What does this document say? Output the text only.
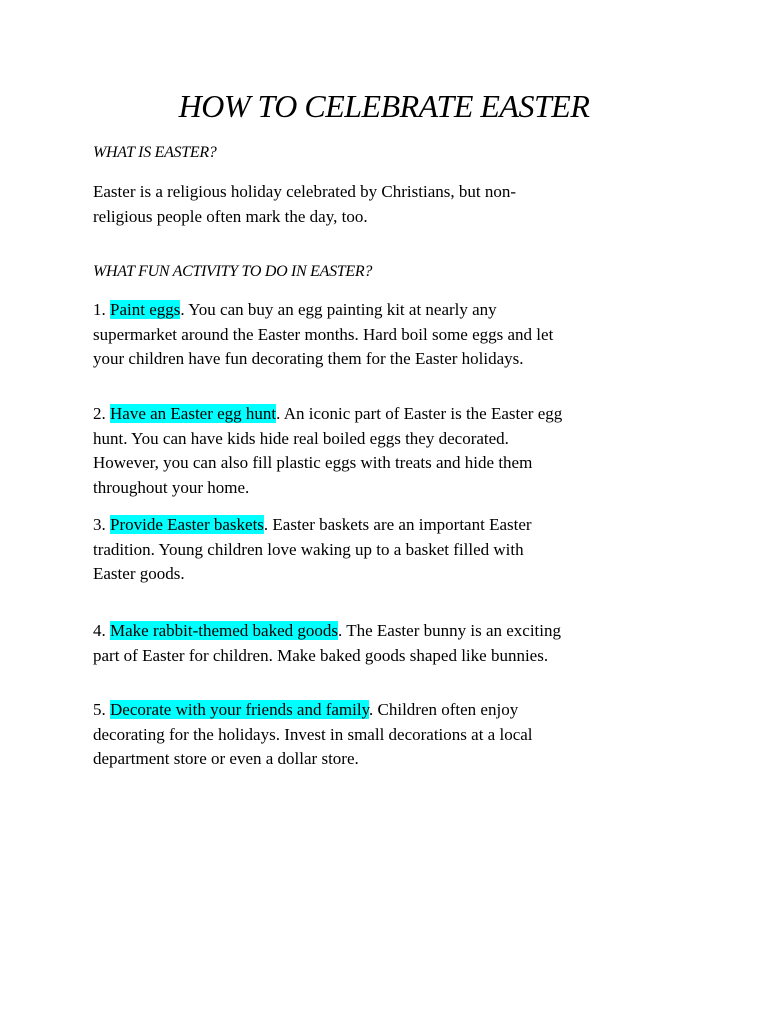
HOW TO CELEBRATE EASTER

WHAT IS EASTER?

Easter is a religious holiday celebrated by Christians, but non-
religious people often mark the day, too.

WHAT FUN ACTIVITY TO DO IN EASTER?

1. Paint eggs. You can buy an egg painting kit at nearly any
supermarket around the Easter months. Hard boil some eggs and let
your children have fun decorating them for the Easter holidays.

2. Have an Easter egg hunt. An iconic part of Easter is the Easter egg
hunt. You can have kids hide real boiled eggs they decorated.
However, you can also fill plastic eggs with treats and hide them
throughout your home.

3. Provide Easter baskets. Easter baskets are an important Easter
tradition. Young children love waking up to a basket filled with
Easter goods.

4. Make rabbit-themed baked goods. The Easter bunny is an exciting
part of Easter for children. Make baked goods shaped like bunnies.

5. Decorate with your friends and family. Children often enjoy
decorating for the holidays. Invest in small decorations at a local
department store or even a dollar store.
